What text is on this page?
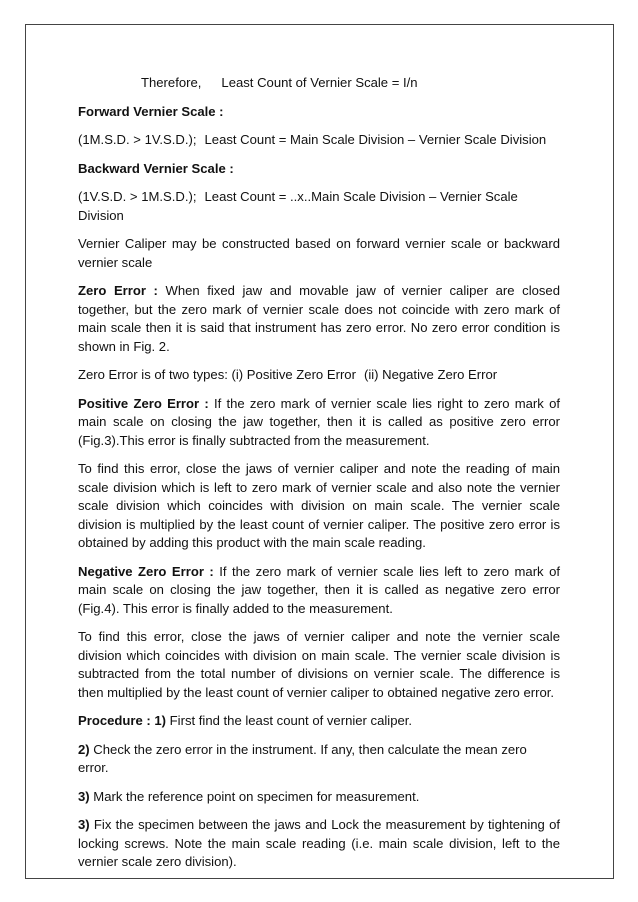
Therefore, Least Count of Vernier Scale = I/n

Forward Vernier Scale :

(1M.S.D. > 1V.S.D.); Least Count = Main Scale Division – Vernier Scale Division

Backward Vernier Scale :

(1V.S.D. > 1M.S.D.); Least Count = ..x..Main Scale Division – Vernier Scale Division

Vernier Caliper may be constructed based on forward vernier scale or backward vernier scale

Zero Error : When fixed jaw and movable jaw of vernier caliper are closed together, but the zero mark of vernier scale does not coincide with zero mark of main scale then it is said that instrument has zero error. No zero error condition is shown in Fig. 2.

Zero Error is of two types: (i) Positive Zero Error (ii) Negative Zero Error

Positive Zero Error : If the zero mark of vernier scale lies right to zero mark of main scale on closing the jaw together, then it is called as positive zero error (Fig.3).This error is finally subtracted from the measurement.

To find this error, close the jaws of vernier caliper and note the reading of main scale division which is left to zero mark of vernier scale and also note the vernier scale division which coincides with division on main scale. The vernier scale division is multiplied by the least count of vernier caliper. The positive zero error is obtained by adding this product with the main scale reading.

Negative Zero Error : If the zero mark of vernier scale lies left to zero mark of main scale on closing the jaw together, then it is called as negative zero error (Fig.4). This error is finally added to the measurement.

To find this error, close the jaws of vernier caliper and note the vernier scale division which coincides with division on main scale. The vernier scale division is subtracted from the total number of divisions on vernier scale. The difference is then multiplied by the least count of vernier caliper to obtained negative zero error.

Procedure : 1) First find the least count of vernier caliper.

2) Check the zero error in the instrument. If any, then calculate the mean zero error.

3) Mark the reference point on specimen for measurement.

3) Fix the specimen between the jaws and Lock the measurement by tightening of locking screws. Note the main scale reading (i.e. main scale division, left to the vernier scale zero division).
